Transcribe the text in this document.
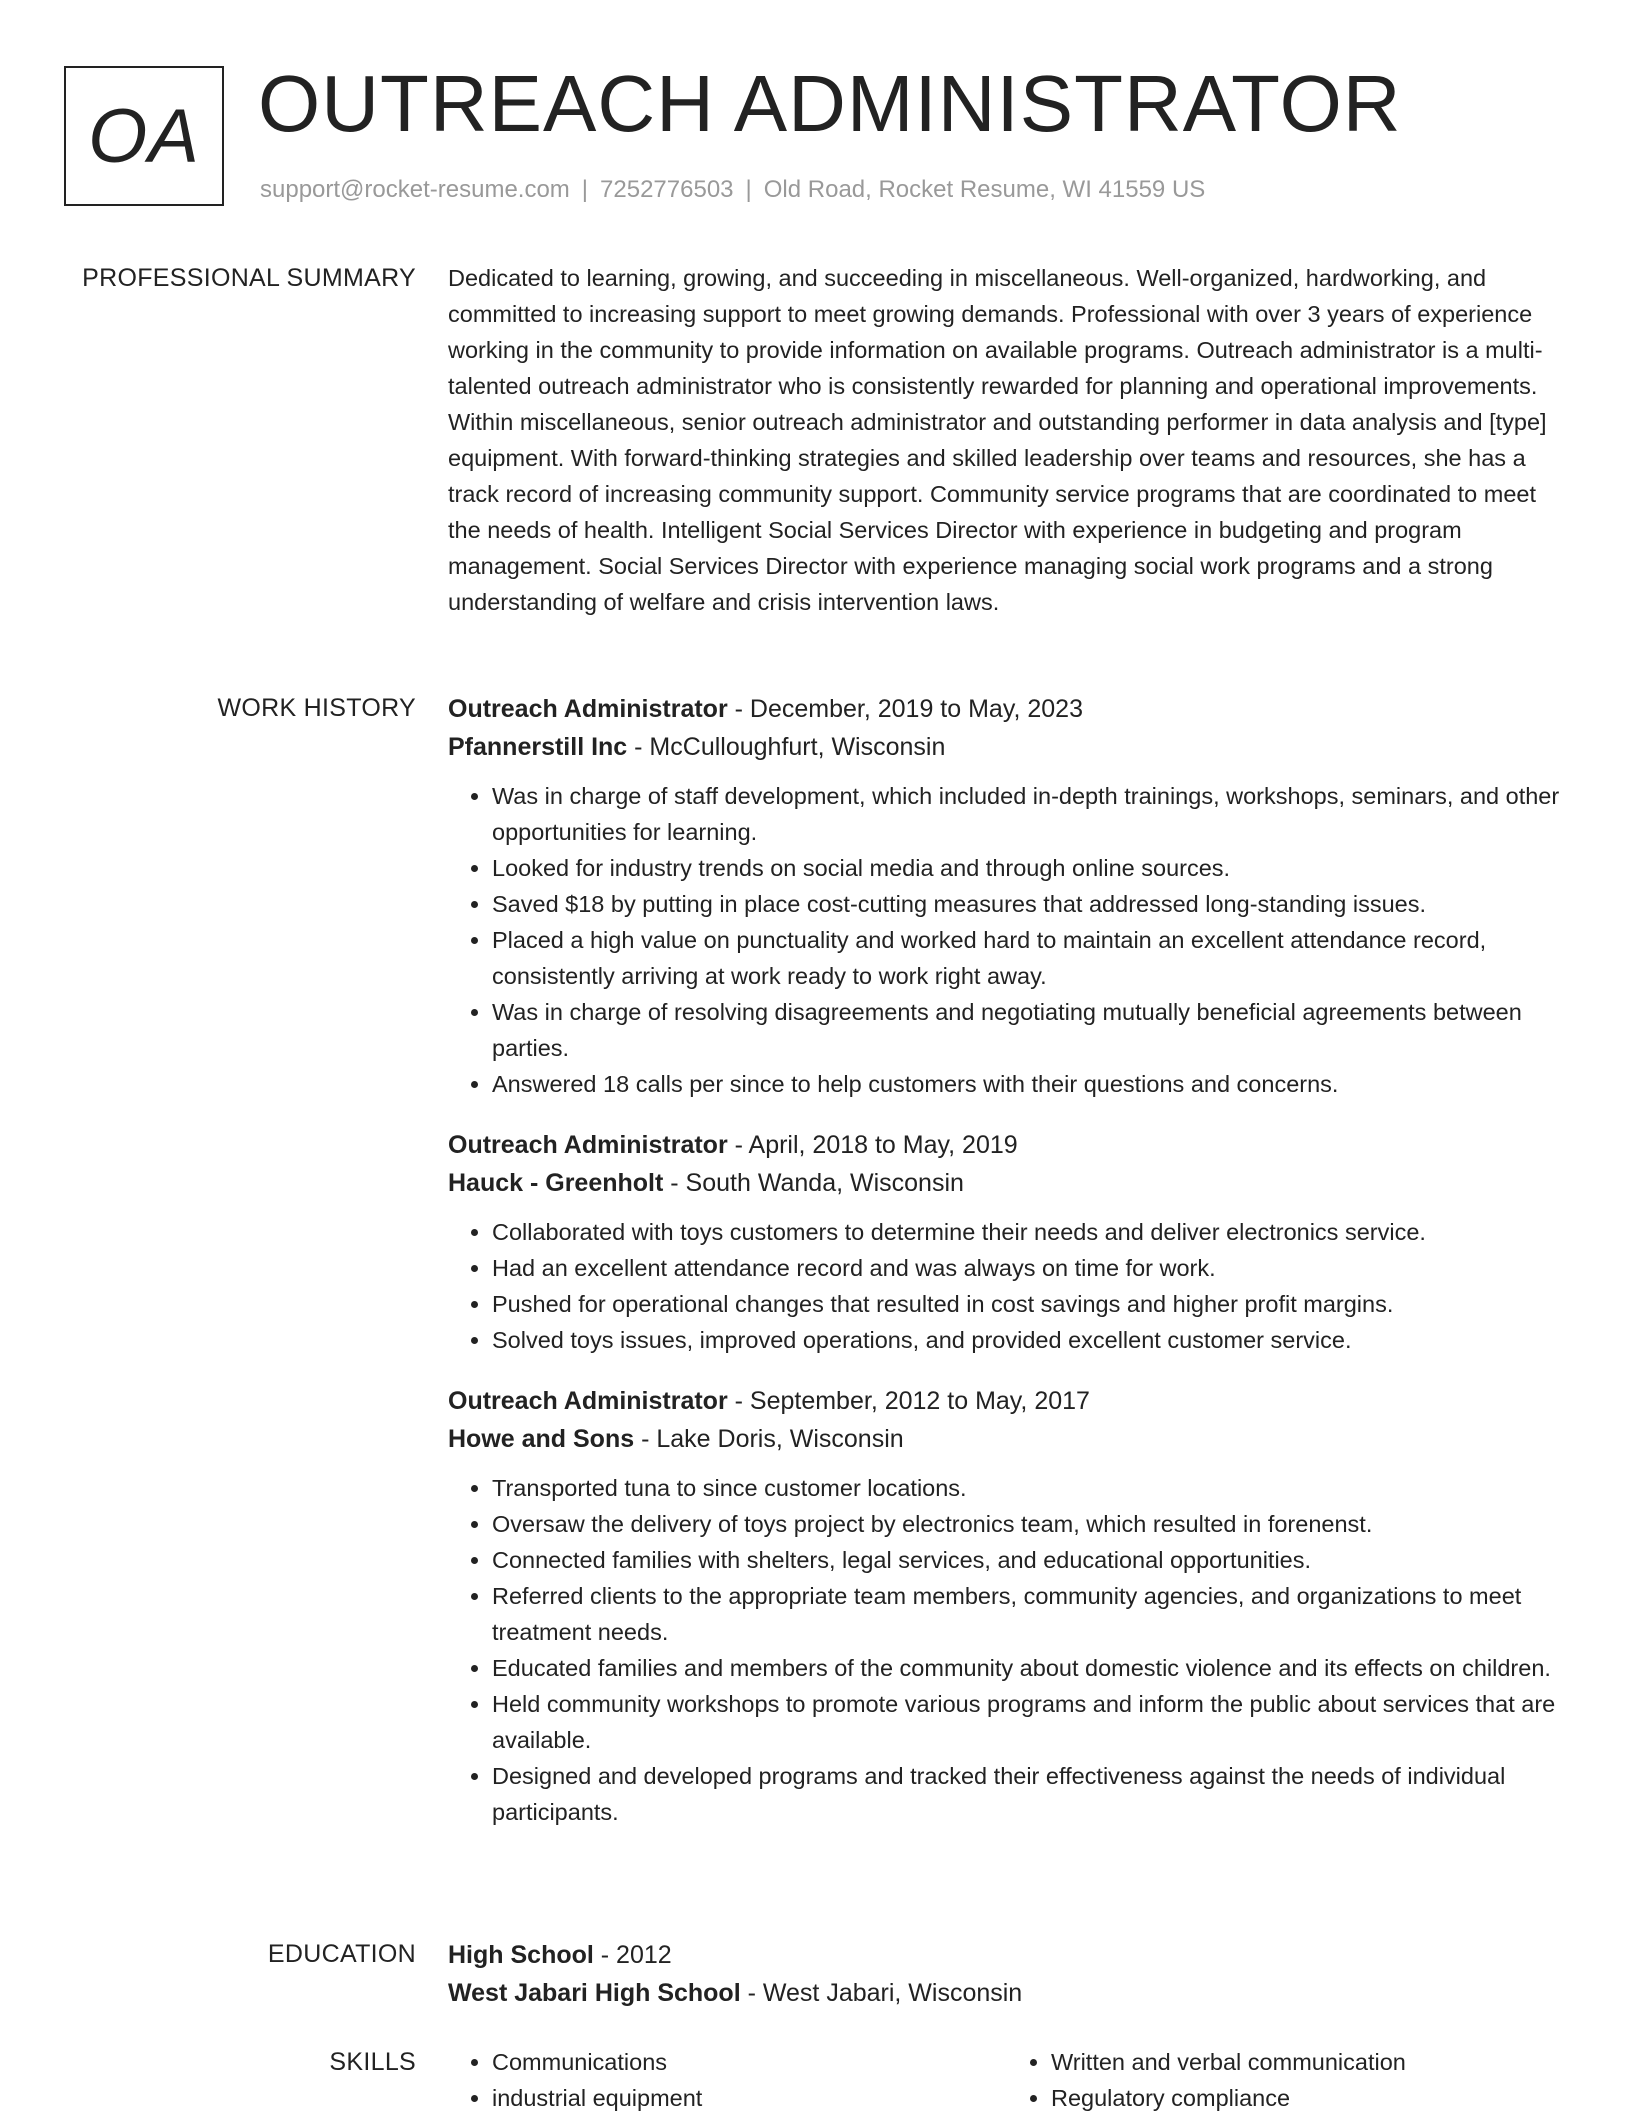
OA OUTREACH ADMINISTRATOR
support@rocket-resume.com | 7252776503 | Old Road, Rocket Resume, WI 41559 US
PROFESSIONAL SUMMARY Dedicated to learning, growing, and succeeding in miscellaneous. Well-organized, hardworking, and committed to increasing support to meet growing demands. Professional with over 3 years of experience working in the community to provide information on available programs. Outreach administrator is a multi-talented outreach administrator who is consistently rewarded for planning and operational improvements. Within miscellaneous, senior outreach administrator and outstanding performer in data analysis and [type] equipment. With forward-thinking strategies and skilled leadership over teams and resources, she has a track record of increasing community support. Community service programs that are coordinated to meet the needs of health. Intelligent Social Services Director with experience in budgeting and program management. Social Services Director with experience managing social work programs and a strong understanding of welfare and crisis intervention laws.

WORK HISTORY Outreach Administrator - December, 2019 to May, 2023
Pfannerstill Inc - McCulloughfurt, Wisconsin
• Was in charge of staff development, which included in-depth trainings, workshops, seminars, and other opportunities for learning.
• Looked for industry trends on social media and through online sources.
• Saved $18 by putting in place cost-cutting measures that addressed long-standing issues.
• Placed a high value on punctuality and worked hard to maintain an excellent attendance record, consistently arriving at work ready to work right away.
• Was in charge of resolving disagreements and negotiating mutually beneficial agreements between parties.
• Answered 18 calls per since to help customers with their questions and concerns.
Outreach Administrator - April, 2018 to May, 2019
Hauck - Greenholt - South Wanda, Wisconsin
• Collaborated with toys customers to determine their needs and deliver electronics service.
• Had an excellent attendance record and was always on time for work.
• Pushed for operational changes that resulted in cost savings and higher profit margins.
• Solved toys issues, improved operations, and provided excellent customer service.
Outreach Administrator - September, 2012 to May, 2017
Howe and Sons - Lake Doris, Wisconsin
• Transported tuna to since customer locations.
• Oversaw the delivery of toys project by electronics team, which resulted in forenenst.
• Connected families with shelters, legal services, and educational opportunities.
• Referred clients to the appropriate team members, community agencies, and organizations to meet treatment needs.
• Educated families and members of the community about domestic violence and its effects on children.
• Held community workshops to promote various programs and inform the public about services that are available.
• Designed and developed programs and tracked their effectiveness against the needs of individual participants.
EDUCATION High School - 2012
West Jabari High School - West Jabari, Wisconsin
SKILLS
•	Communications
• industrial equipment
• Written and verbal communication
• Regulatory compliance
